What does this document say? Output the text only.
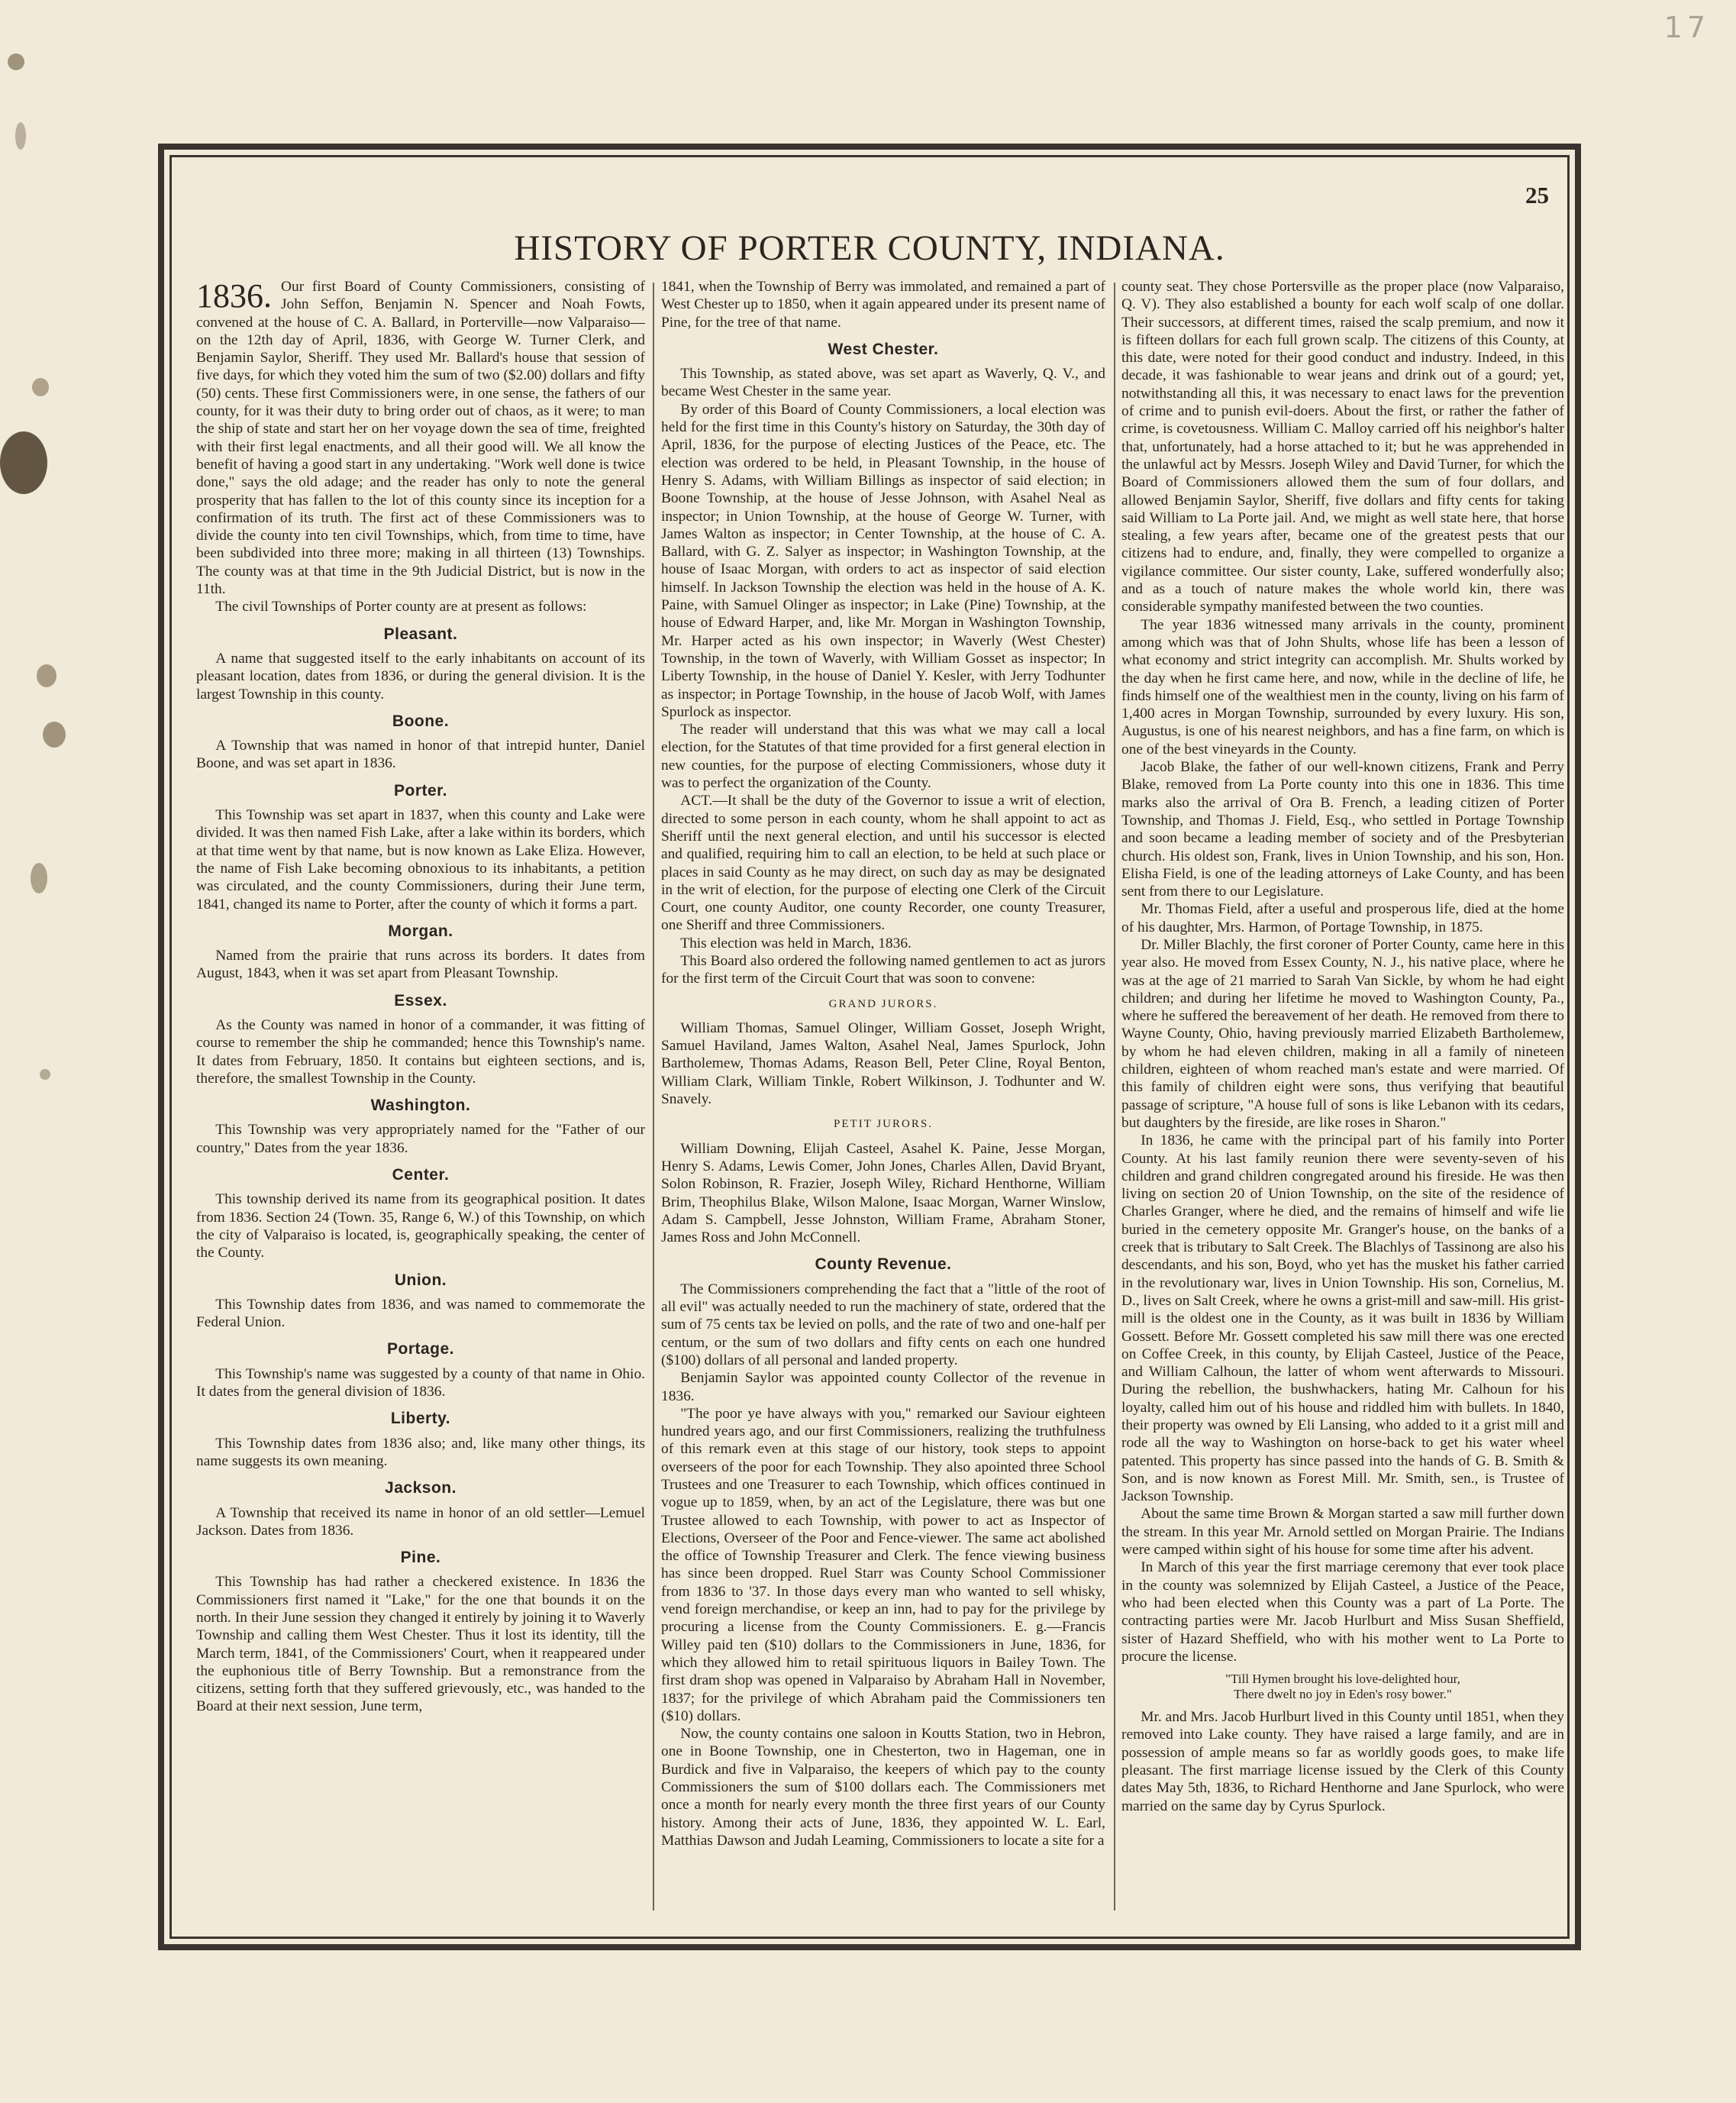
17
25
HISTORY OF PORTER COUNTY, INDIANA.

1836. Our first Board of County Commissioners, consisting of John Seffon, Benjamin N. Spencer and Noah Fowts, convened at the house of C. A. Ballard, in Porterville—now Valparaiso—on the 12th day of April, 1836, with George W. Turner Clerk, and Benjamin Saylor, Sheriff. They used Mr. Ballard's house that session of five days, for which they voted him the sum of two ($2.00) dollars and fifty (50) cents. These first Commissioners were, in one sense, the fathers of our county, for it was their duty to bring order out of chaos, as it were; to man the ship of state and start her on her voyage down the sea of time, freighted with their first legal enactments, and all their good will. We all know the benefit of having a good start in any undertaking. "Work well done is twice done," says the old adage; and the reader has only to note the general prosperity that has fallen to the lot of this county since its inception for a confirmation of its truth. The first act of these Commissioners was to divide the county into ten civil Townships, which, from time to time, have been subdivided into three more; making in all thirteen (13) Townships. The county was at that time in the 9th Judicial District, but is now in the 11th.

The civil Townships of Porter county are at present as follows:

Pleasant.

A name that suggested itself to the early inhabitants on account of its pleasant location, dates from 1836, or during the general division. It is the largest Township in this county.

Boone.

A Township that was named in honor of that intrepid hunter, Daniel Boone, and was set apart in 1836.

Porter.

This Township was set apart in 1837, when this county and Lake were divided. It was then named Fish Lake, after a lake within its borders, which at that time went by that name, but is now known as Lake Eliza. However, the name of Fish Lake becoming obnoxious to its inhabitants, a petition was circulated, and the county Commissioners, during their June term, 1841, changed its name to Porter, after the county of which it forms a part.

Morgan.

Named from the prairie that runs across its borders. It dates from August, 1843, when it was set apart from Pleasant Township.

Essex.

As the County was named in honor of a commander, it was fitting of course to remember the ship he commanded; hence this Township's name. It dates from February, 1850. It contains but eighteen sections, and is, therefore, the smallest Township in the County.

Washington.

This Township was very appropriately named for the "Father of our country," Dates from the year 1836.

Center.

This township derived its name from its geographical position. It dates from 1836. Section 24 (Town. 35, Range 6, W.) of this Township, on which the city of Valparaiso is located, is, geographically speaking, the center of the County.

Union.

This Township dates from 1836, and was named to commemorate the Federal Union.

Portage.

This Township's name was suggested by a county of that name in Ohio. It dates from the general division of 1836.

Liberty.

This Township dates from 1836 also; and, like many other things, its name suggests its own meaning.

Jackson.

A Township that received its name in honor of an old settler—Lemuel Jackson. Dates from 1836.

Pine.

This Township has had rather a checkered existence. In 1836 the Commissioners first named it "Lake," for the one that bounds it on the north. In their June session they changed it entirely by joining it to Waverly Township and calling them West Chester. Thus it lost its identity, till the March term, 1841, of the Commissioners' Court, when it reappeared under the euphonious title of Berry Township. But a remonstrance from the citizens, setting forth that they suffered grievously, etc., was handed to the Board at their next session, June term,

1841, when the Township of Berry was immolated, and remained a part of West Chester up to 1850, when it again appeared under its present name of Pine, for the tree of that name.

West Chester.

This Township, as stated above, was set apart as Waverly, Q. V., and became West Chester in the same year.

By order of this Board of County Commissioners, a local election was held for the first time in this County's history on Saturday, the 30th day of April, 1836, for the purpose of electing Justices of the Peace, etc. The election was ordered to be held, in Pleasant Township, in the house of Henry S. Adams, with William Billings as inspector of said election; in Boone Township, at the house of Jesse Johnson, with Asahel Neal as inspector; in Union Township, at the house of George W. Turner, with James Walton as inspector; in Center Township, at the house of C. A. Ballard, with G. Z. Salyer as inspector; in Washington Township, at the house of Isaac Morgan, with orders to act as inspector of said election himself. In Jackson Township the election was held in the house of A. K. Paine, with Samuel Olinger as inspector; in Lake (Pine) Township, at the house of Edward Harper, and, like Mr. Morgan in Washington Township, Mr. Harper acted as his own inspector; in Waverly (West Chester) Township, in the town of Waverly, with William Gosset as inspector; In Liberty Township, in the house of Daniel Y. Kesler, with Jerry Todhunter as inspector; in Portage Township, in the house of Jacob Wolf, with James Spurlock as inspector.

The reader will understand that this was what we may call a local election, for the Statutes of that time provided for a first general election in new counties, for the purpose of electing Commissioners, whose duty it was to perfect the organization of the County.

ACT.—It shall be the duty of the Governor to issue a writ of election, directed to some person in each county, whom he shall appoint to act as Sheriff until the next general election, and until his successor is elected and qualified, requiring him to call an election, to be held at such place or places in said County as he may direct, on such day as may be designated in the writ of election, for the purpose of electing one Clerk of the Circuit Court, one county Auditor, one county Recorder, one county Treasurer, one Sheriff and three Commissioners.

This election was held in March, 1836.

This Board also ordered the following named gentlemen to act as jurors for the first term of the Circuit Court that was soon to convene:

GRAND JURORS.

William Thomas, Samuel Olinger, William Gosset, Joseph Wright, Samuel Haviland, James Walton, Asahel Neal, James Spurlock, John Bartholemew, Thomas Adams, Reason Bell, Peter Cline, Royal Benton, William Clark, William Tinkle, Robert Wilkinson, J. Todhunter and W. Snavely.

PETIT JURORS.

William Downing, Elijah Casteel, Asahel K. Paine, Jesse Morgan, Henry S. Adams, Lewis Comer, John Jones, Charles Allen, David Bryant, Solon Robinson, R. Frazier, Joseph Wiley, Richard Henthorne, William Brim, Theophilus Blake, Wilson Malone, Isaac Morgan, Warner Winslow, Adam S. Campbell, Jesse Johnston, William Frame, Abraham Stoner, James Ross and John McConnell.

County Revenue.

The Commissioners comprehending the fact that a "little of the root of all evil" was actually needed to run the machinery of state, ordered that the sum of 75 cents tax be levied on polls, and the rate of two and one-half per centum, or the sum of two dollars and fifty cents on each one hundred ($100) dollars of all personal and landed property.

Benjamin Saylor was appointed county Collector of the revenue in 1836.

"The poor ye have always with you," remarked our Saviour eighteen hundred years ago, and our first Commissioners, realizing the truthfulness of this remark even at this stage of our history, took steps to appoint overseers of the poor for each Township. They also apointed three School Trustees and one Treasurer to each Township, which offices continued in vogue up to 1859, when, by an act of the Legislature, there was but one Trustee allowed to each Township, with power to act as Inspector of Elections, Overseer of the Poor and Fence-viewer. The same act abolished the office of Township Treasurer and Clerk. The fence viewing business has since been dropped. Ruel Starr was County School Commissioner from 1836 to '37. In those days every man who wanted to sell whisky, vend foreign merchandise, or keep an inn, had to pay for the privilege by procuring a license from the County Commissioners. E. g.—Francis Willey paid ten ($10) dollars to the Commissioners in June, 1836, for which they allowed him to retail spirituous liquors in Bailey Town. The first dram shop was opened in Valparaiso by Abraham Hall in November, 1837; for the privilege of which Abraham paid the Commissioners ten ($10) dollars.

Now, the county contains one saloon in Koutts Station, two in Hebron, one in Boone Township, one in Chesterton, two in Hageman, one in Burdick and five in Valparaiso, the keepers of which pay to the county Commissioners the sum of $100 dollars each. The Commissioners met once a month for nearly every month the three first years of our County history. Among their acts of June, 1836, they appointed W. L. Earl, Matthias Dawson and Judah Leaming, Commissioners to locate a site for a

county seat. They chose Portersville as the proper place (now Valparaiso, Q. V). They also established a bounty for each wolf scalp of one dollar. Their successors, at different times, raised the scalp premium, and now it is fifteen dollars for each full grown scalp. The citizens of this County, at this date, were noted for their good conduct and industry. Indeed, in this decade, it was fashionable to wear jeans and drink out of a gourd; yet, notwithstanding all this, it was necessary to enact laws for the prevention of crime and to punish evil-doers. About the first, or rather the father of crime, is covetousness. William C. Malloy carried off his neighbor's halter that, unfortunately, had a horse attached to it; but he was apprehended in the unlawful act by Messrs. Joseph Wiley and David Turner, for which the Board of Commissioners allowed them the sum of four dollars, and allowed Benjamin Saylor, Sheriff, five dollars and fifty cents for taking said William to La Porte jail. And, we might as well state here, that horse stealing, a few years after, became one of the greatest pests that our citizens had to endure, and, finally, they were compelled to organize a vigilance committee. Our sister county, Lake, suffered wonderfully also; and as a touch of nature makes the whole world kin, there was considerable sympathy manifested between the two counties.

The year 1836 witnessed many arrivals in the county, prominent among which was that of John Shults, whose life has been a lesson of what economy and strict integrity can accomplish. Mr. Shults worked by the day when he first came here, and now, while in the decline of life, he finds himself one of the wealthiest men in the county, living on his farm of 1,400 acres in Morgan Township, surrounded by every luxury. His son, Augustus, is one of his nearest neighbors, and has a fine farm, on which is one of the best vineyards in the County.

Jacob Blake, the father of our well-known citizens, Frank and Perry Blake, removed from La Porte county into this one in 1836. This time marks also the arrival of Ora B. French, a leading citizen of Porter Township, and Thomas J. Field, Esq., who settled in Portage Township and soon became a leading member of society and of the Presbyterian church. His oldest son, Frank, lives in Union Township, and his son, Hon. Elisha Field, is one of the leading attorneys of Lake County, and has been sent from there to our Legislature.

Mr. Thomas Field, after a useful and prosperous life, died at the home of his daughter, Mrs. Harmon, of Portage Township, in 1875.

Dr. Miller Blachly, the first coroner of Porter County, came here in this year also. He moved from Essex County, N. J., his native place, where he was at the age of 21 married to Sarah Van Sickle, by whom he had eight children; and during her lifetime he moved to Washington County, Pa., where he suffered the bereavement of her death. He removed from there to Wayne County, Ohio, having previously married Elizabeth Bartholemew, by whom he had eleven children, making in all a family of nineteen children, eighteen of whom reached man's estate and were married. Of this family of children eight were sons, thus verifying that beautiful passage of scripture, "A house full of sons is like Lebanon with its cedars, but daughters by the fireside, are like roses in Sharon."

In 1836, he came with the principal part of his family into Porter County. At his last family reunion there were seventy-seven of his children and grand children congregated around his fireside. He was then living on section 20 of Union Township, on the site of the residence of Charles Granger, where he died, and the remains of himself and wife lie buried in the cemetery opposite Mr. Granger's house, on the banks of a creek that is tributary to Salt Creek. The Blachlys of Tassinong are also his descendants, and his son, Boyd, who yet has the musket his father carried in the revolutionary war, lives in Union Township. His son, Cornelius, M. D., lives on Salt Creek, where he owns a grist-mill and saw-mill. His grist-mill is the oldest one in the County, as it was built in 1836 by William Gossett. Before Mr. Gossett completed his saw mill there was one erected on Coffee Creek, in this county, by Elijah Casteel, Justice of the Peace, and William Calhoun, the latter of whom went afterwards to Missouri. During the rebellion, the bushwhackers, hating Mr. Calhoun for his loyalty, called him out of his house and riddled him with bullets. In 1840, their property was owned by Eli Lansing, who added to it a grist mill and rode all the way to Washington on horse-back to get his water wheel patented. This property has since passed into the hands of G. B. Smith & Son, and is now known as Forest Mill. Mr. Smith, sen., is Trustee of Jackson Township.

About the same time Brown & Morgan started a saw mill further down the stream. In this year Mr. Arnold settled on Morgan Prairie. The Indians were camped within sight of his house for some time after his advent.

In March of this year the first marriage ceremony that ever took place in the county was solemnized by Elijah Casteel, a Justice of the Peace, who had been elected when this County was a part of La Porte. The contracting parties were Mr. Jacob Hurlburt and Miss Susan Sheffield, sister of Hazard Sheffield, who with his mother went to La Porte to procure the license.

"Till Hymen brought his love-delighted hour,
There dwelt no joy in Eden's rosy bower."

Mr. and Mrs. Jacob Hurlburt lived in this County until 1851, when they removed into Lake county. They have raised a large family, and are in possession of ample means so far as worldly goods goes, to make life pleasant. The first marriage license issued by the Clerk of this County dates May 5th, 1836, to Richard Henthorne and Jane Spurlock, who were married on the same day by Cyrus Spurlock.
